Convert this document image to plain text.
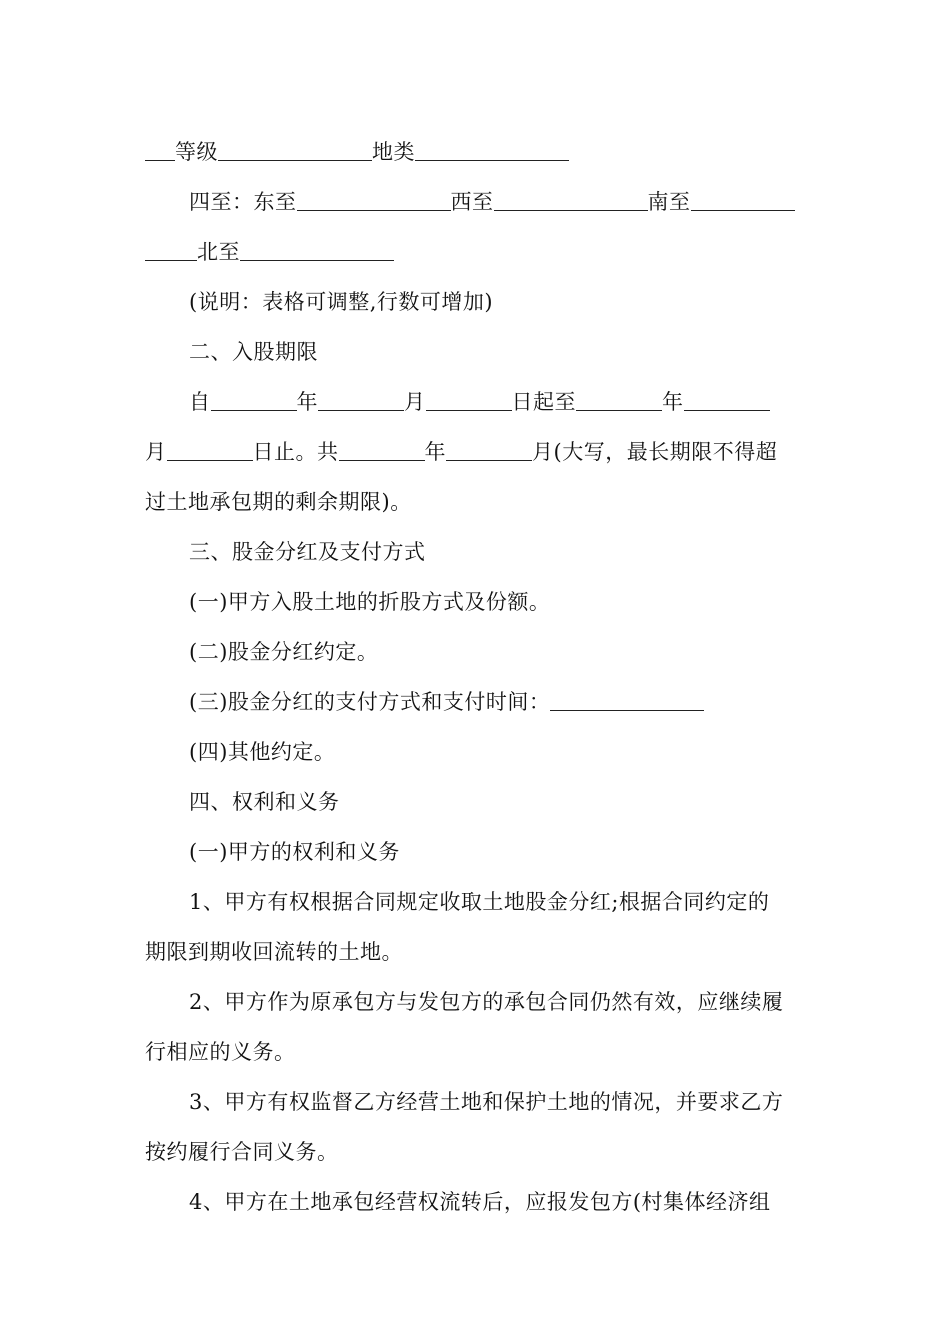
等级	地类
四至：东至	西至	南至
北至
(说明：表格可调整,行数可增加)
二、入股期限
自	年	月	日起至	年
月	日止。共	年	月(大写，最长期限不得超
过土地承包期的剩余期限)。
三、股金分红及支付方式
(一)甲方入股土地的折股方式及份额。
(二)股金分红约定。
(三)股金分红的支付方式和支付时间：
(四)其他约定。
四、权利和义务
(一)甲方的权利和义务
1、甲方有权根据合同规定收取土地股金分红;根据合同约定的
期限到期收回流转的土地。
2、甲方作为原承包方与发包方的承包合同仍然有效，应继续履
行相应的义务。
3、甲方有权监督乙方经营土地和保护土地的情况，并要求乙方
按约履行合同义务。
4、甲方在土地承包经营权流转后，应报发包方(村集体经济组
